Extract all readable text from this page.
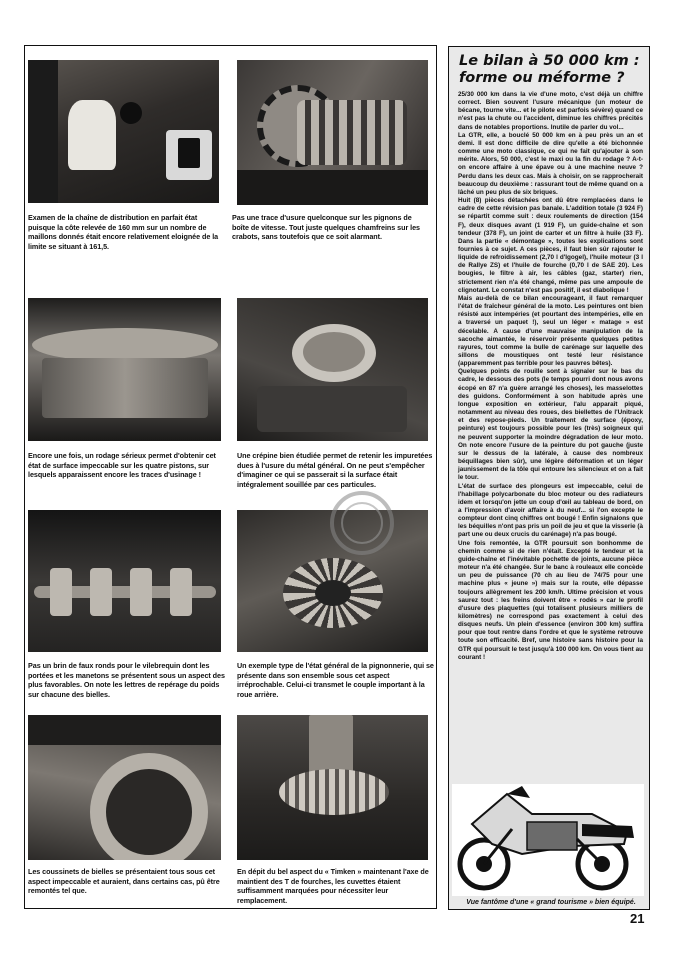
Examen de la chaîne de distribution en parfait état puisque la côte relevée de 160 mm sur un nombre de maillons donnés était encore relativement eloignée de la limite se situant à 161,5.
Pas une trace d'usure quelconque sur les pignons de boîte de vitesse. Tout juste quelques chamfreins sur les crabots, sans toutefois que ce soit alarmant.
Encore une fois, un rodage sérieux permet d'obtenir cet état de surface impeccable sur les quatre pistons, sur lesquels apparaissent encore les traces d'usinage !
Une crépine bien étudiée permet de retenir les impuretées dues à l'usure du métal général. On ne peut s'empêcher d'imaginer ce qui se passerait si la surface était intégralement souillée par ces particules.
Pas un brin de faux ronds pour le vilebrequin dont les portées et les manetons se présentent sous un aspect des plus favorables. On note les lettres de repérage du poids sur chacune des bielles.
Un exemple type de l'état général de la pignonnerie, qui se présente dans son ensemble sous cet aspect irréprochable. Celui-ci transmet le couple important à la roue arrière.
Les coussinets de bielles se présentaient tous sous cet aspect impeccable et auraient, dans certains cas, pû être remontés tel que.
En dépit du bel aspect du « Timken » maintenant l'axe de maintient des T de fourches, les cuvettes étaient suffisamment marquées pour nécessiter leur remplacement.
Le bilan à 50 000 km : forme ou méforme ?
25/30 000 km dans la vie d'une moto, c'est déjà un chiffre correct. Bien souvent l'usure mécanique (un moteur de bécane, tourne vite... et le pilote est parfois sévère) quand ce n'est pas la chute ou l'accident, diminue les chiffres précités dans de notables proportions. Inutile de parler du vol...
La GTR, elle, a bouclé 50 000 km en à peu près un an et demi. Il est donc difficile de dire qu'elle a été bichonnée comme une moto classique, ce qui ne fait qu'ajouter à son mérite. Alors, 50 000, c'est le maxi ou la fin du rodage ? A-t-on encore affaire à une épave ou à une machine neuve ? Perdu dans les deux cas. Mais à choisir, on se rapprocherait beaucoup du deuxième : rassurant tout de même quand on a lâché un peu plus de six briques.
Huit (8) pièces détachées ont dû être remplacées dans le cadre de cette révision pas banale. L'addition totale (3 924 F) se répartit comme suit : deux roulements de direction (154 F), deux disques avant (1 919 F), un guide-chaîne et son tendeur (378 F), un joint de carter et un filtre à huile (33 F). Dans la partie « démontage », toutes les explications sont fournies à ce sujet. A ces pièces, il faut bien sûr rajouter le liquide de refroidissement (2,70 l d'Igogel), l'huile moteur (3 l de Rallye ZS) et l'huile de fourche (0,70 l de SAE 20). Les bougies, le filtre à air, les câbles (gaz, starter) rien, strictement rien n'a été changé, même pas une ampoule de clignotant. Le constat n'est pas positif, il est diabolique !
Mais au-delà de ce bilan encourageant, il faut remarquer l'état de fraîcheur général de la moto. Les peintures ont bien résisté aux intempéries (et pourtant des intempéries, elle en a traversé un paquet !), seul un léger « matage » est décelable. A cause d'une mauvaise manipulation de la sacoche aimantée, le réservoir présente quelques petites rayures, tout comme la bulle de carénage sur laquelle des sillons de moustiques ont testé leur résistance (apparemment pas terrible pour les pauvres bêtes).
Quelques points de rouille sont à signaler sur le bas du cadre, le dessous des pots (le temps pourri dont nous avons écopé en 87 n'a guère arrangé les choses), les masselottes des guidons. Conformément à son habitude après une longue exposition en extérieur, l'alu apparaît piqué, notamment au niveau des roues, des biellettes de l'Unitrack et des repose-pieds. Un traitement de surface (époxy, peinture) est toujours possible pour les (très) soigneux qui ne peuvent supporter la moindre dégradation de leur moto. On note encore l'usure de la peinture du pot gauche (juste sur le dessus de la latérale, à cause des nombreux béquillages bien sûr), une légère déformation et un léger jaunissement de la tôle qui entoure les silencieux et on a fait le tour.
L'état de surface des plongeurs est impeccable, celui de l'habillage polycarbonate du bloc moteur ou des radiateurs idem et lorsqu'on jette un coup d'œil au tableau de bord, on a l'impression d'avoir affaire à du neuf... si l'on excepte le compteur dont cinq chiffres ont bougé ! Enfin signalons que les béquilles n'ont pas pris un poil de jeu et que la visserie (à part une ou deux crucis du carénage) n'a pas bougé.
Une fois remontée, la GTR poursuit son bonhomme de chemin comme si de rien n'était. Excepté le tendeur et la guide-chaîne et l'inévitable pochette de joints, aucune pièce moteur n'a été changée. Sur le banc à rouleaux elle concède un peu de puissance (70 ch au lieu de 74/75 pour une machine plus « jeune ») mais sur la route, elle dépasse toujours allègrement les 200 km/h. Ultime précision et vous saurez tout : les freins doivent être « rodés » car le profil d'usure des plaquettes (qui totalisent plusieurs milliers de kilomètres) ne correspond pas exactement à celui des disques neufs. Un plein d'essence (environ 300 km) suffira pour que tout rentre dans l'ordre et que le système retrouve toute son efficacité. Bref, une histoire sans histoire pour la GTR qui poursuit le test jusqu'à 100 000 km. On vous tient au courant !
Vue fantôme d'une « grand tourisme » bien équipé.
21
